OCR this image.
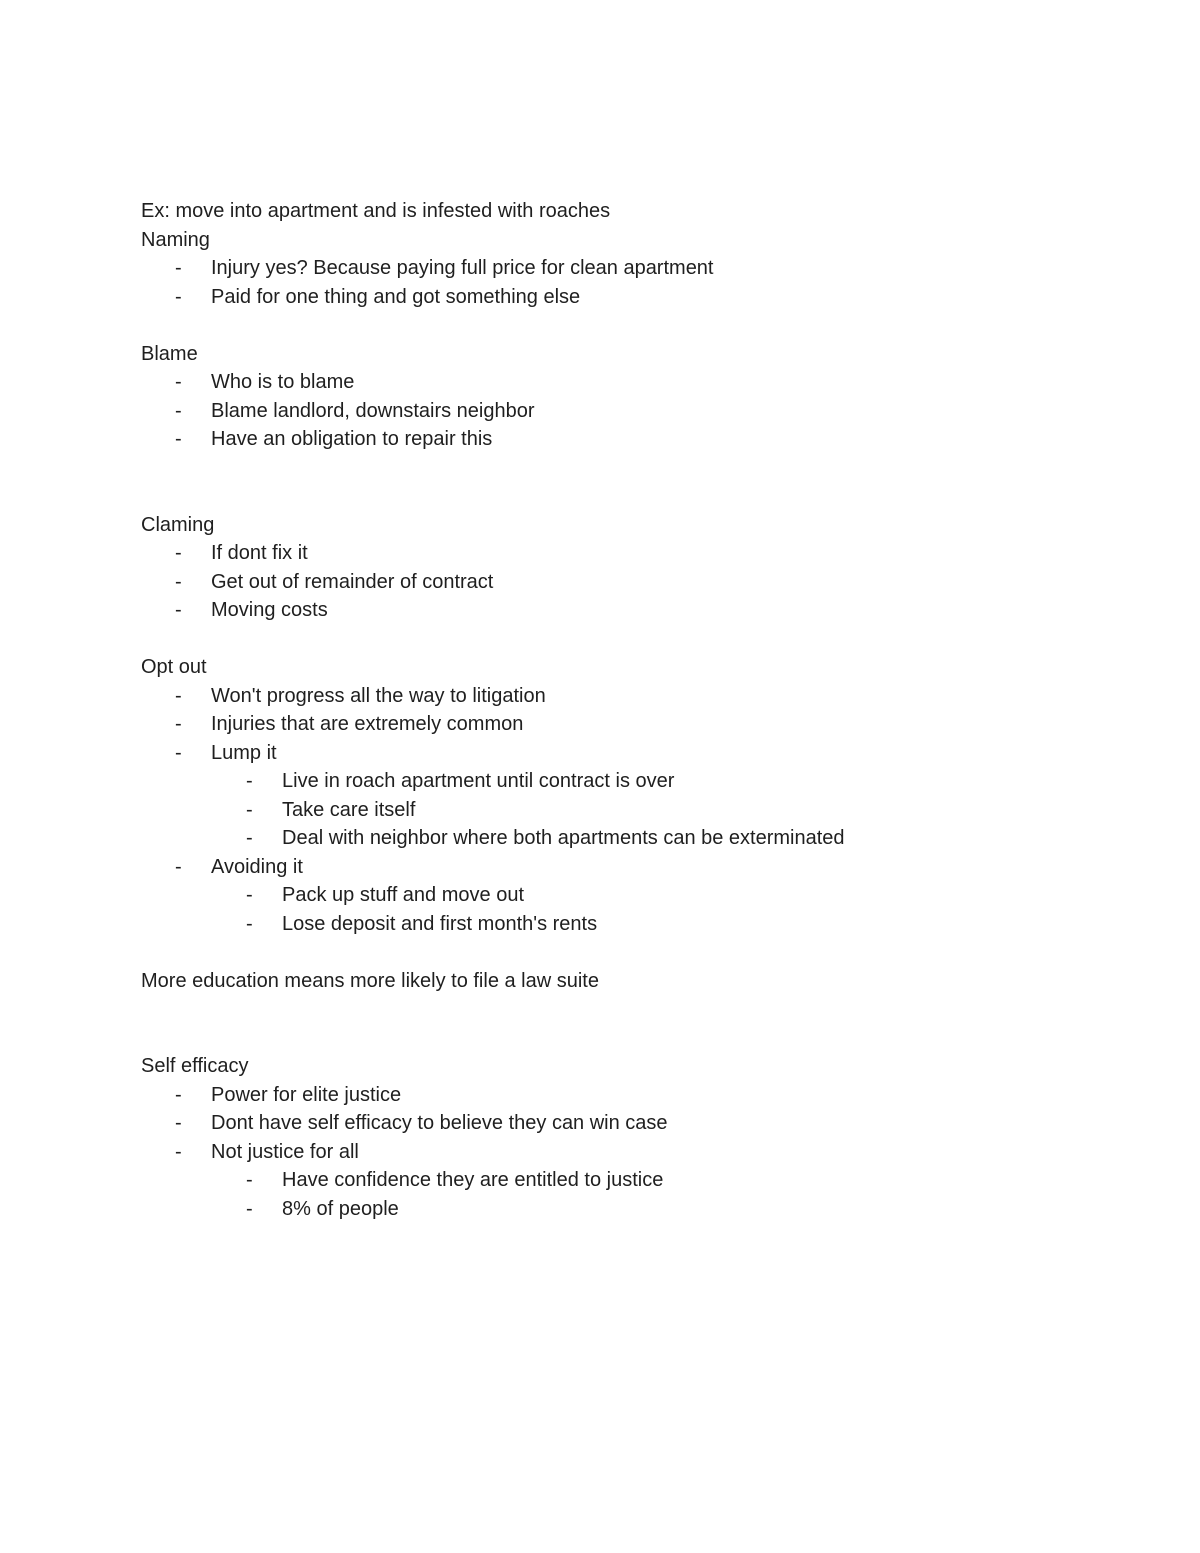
Ex: move into apartment and is infested with roaches
Naming
- Injury yes? Because paying full price for clean apartment
- Paid for one thing and got something else
Blame
- Who is to blame
- Blame landlord, downstairs neighbor
- Have an obligation to repair this
Claming
- If dont fix it
- Get out of remainder of contract
- Moving costs
Opt out
- Won't progress all the way to litigation
- Injuries that are extremely common
- Lump it
- Live in roach apartment until contract is over
- Take care itself
- Deal with neighbor where both apartments can be exterminated
- Avoiding it
- Pack up stuff and move out
- Lose deposit and first month's rents
More education means more likely to file a law suite
Self efficacy
- Power for elite justice
- Dont have self efficacy to believe they can win case
- Not justice for all
- Have confidence they are entitled to justice
- 8% of people
